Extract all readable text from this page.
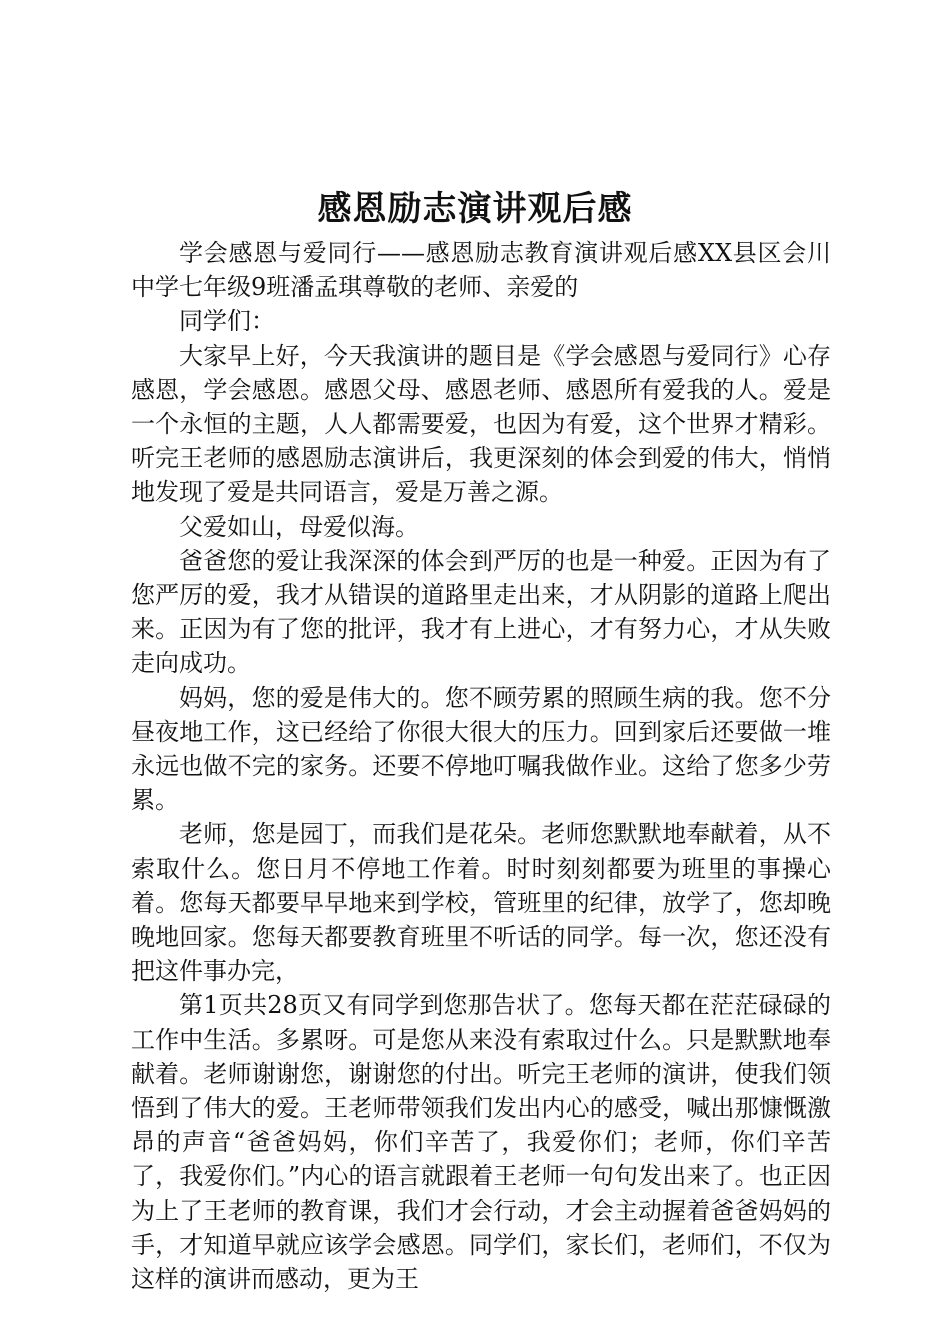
感恩励志演讲观后感

学会感恩与爱同行——感恩励志教育演讲观后感XX县区会川中学七年级9班潘孟琪尊敬的老师、亲爱的

同学们：

大家早上好，今天我演讲的题目是《学会感恩与爱同行》心存感恩，学会感恩。感恩父母、感恩老师、感恩所有爱我的人。爱是一个永恒的主题，人人都需要爱，也因为有爱，这个世界才精彩。听完王老师的感恩励志演讲后，我更深刻的体会到爱的伟大，悄悄地发现了爱是共同语言，爱是万善之源。

父爱如山，母爱似海。

爸爸您的爱让我深深的体会到严厉的也是一种爱。正因为有了您严厉的爱，我才从错误的道路里走出来，才从阴影的道路上爬出来。正因为有了您的批评，我才有上进心，才有努力心，才从失败走向成功。

妈妈，您的爱是伟大的。您不顾劳累的照顾生病的我。您不分昼夜地工作，这已经给了你很大很大的压力。回到家后还要做一堆永远也做不完的家务。还要不停地叮嘱我做作业。这给了您多少劳累。

老师，您是园丁，而我们是花朵。老师您默默地奉献着，从不索取什么。您日月不停地工作着。时时刻刻都要为班里的事操心着。您每天都要早早地来到学校，管班里的纪律，放学了，您却晚晚地回家。您每天都要教育班里不听话的同学。每一次，您还没有把这件事办完，

第1页共28页又有同学到您那告状了。您每天都在茫茫碌碌的工作中生活。多累呀。可是您从来没有索取过什么。只是默默地奉献着。老师谢谢您，谢谢您的付出。听完王老师的演讲，使我们领悟到了伟大的爱。王老师带领我们发出内心的感受，喊出那慷慨激昂的声音“爸爸妈妈，你们辛苦了，我爱你们；老师，你们辛苦了，我爱你们。”内心的语言就跟着王老师一句句发出来了。也正因为上了王老师的教育课，我们才会行动，才会主动握着爸爸妈妈的手，才知道早就应该学会感恩。同学们，家长们，老师们，不仅为这样的演讲而感动，更为王
